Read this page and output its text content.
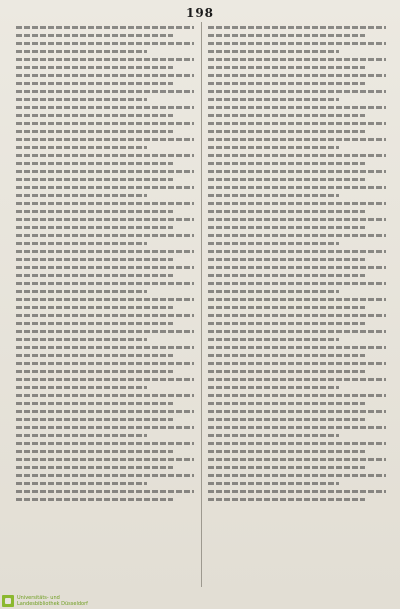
198
Universitäts- und
Landesbibliothek Düsseldorf
